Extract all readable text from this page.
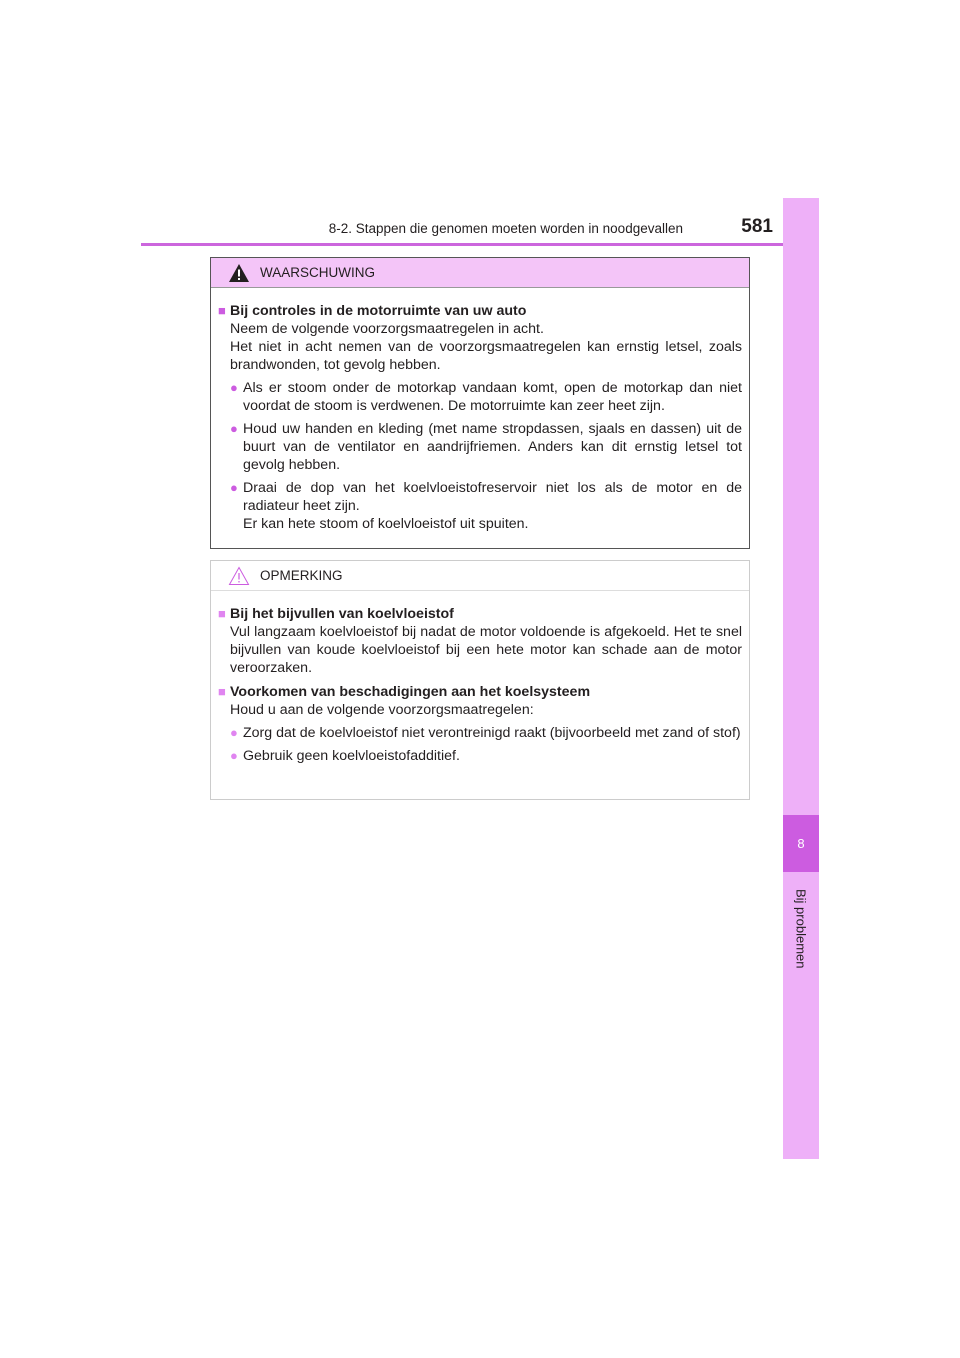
8-2. Stappen die genomen moeten worden in noodgevallen	581
8
Bij problemen
WAARSCHUWING
■ Bij controles in de motorruimte van uw auto
Neem de volgende voorzorgsmaatregelen in acht.
Het niet in acht nemen van de voorzorgsmaatregelen kan ernstig letsel, zoals brandwonden, tot gevolg hebben.
● Als er stoom onder de motorkap vandaan komt, open de motorkap dan niet voordat de stoom is verdwenen. De motorruimte kan zeer heet zijn.
● Houd uw handen en kleding (met name stropdassen, sjaals en dassen) uit de buurt van de ventilator en aandrijfriemen. Anders kan dit ernstig letsel tot gevolg hebben.
● Draai de dop van het koelvloeistofreservoir niet los als de motor en de radiateur heet zijn.
Er kan hete stoom of koelvloeistof uit spuiten.
OPMERKING
■ Bij het bijvullen van koelvloeistof
Vul langzaam koelvloeistof bij nadat de motor voldoende is afgekoeld. Het te snel bijvullen van koude koelvloeistof bij een hete motor kan schade aan de motor veroorzaken.
■ Voorkomen van beschadigingen aan het koelsysteem
Houd u aan de volgende voorzorgsmaatregelen:
● Zorg dat de koelvloeistof niet verontreinigd raakt (bijvoorbeeld met zand of stof)
● Gebruik geen koelvloeistofadditief.
